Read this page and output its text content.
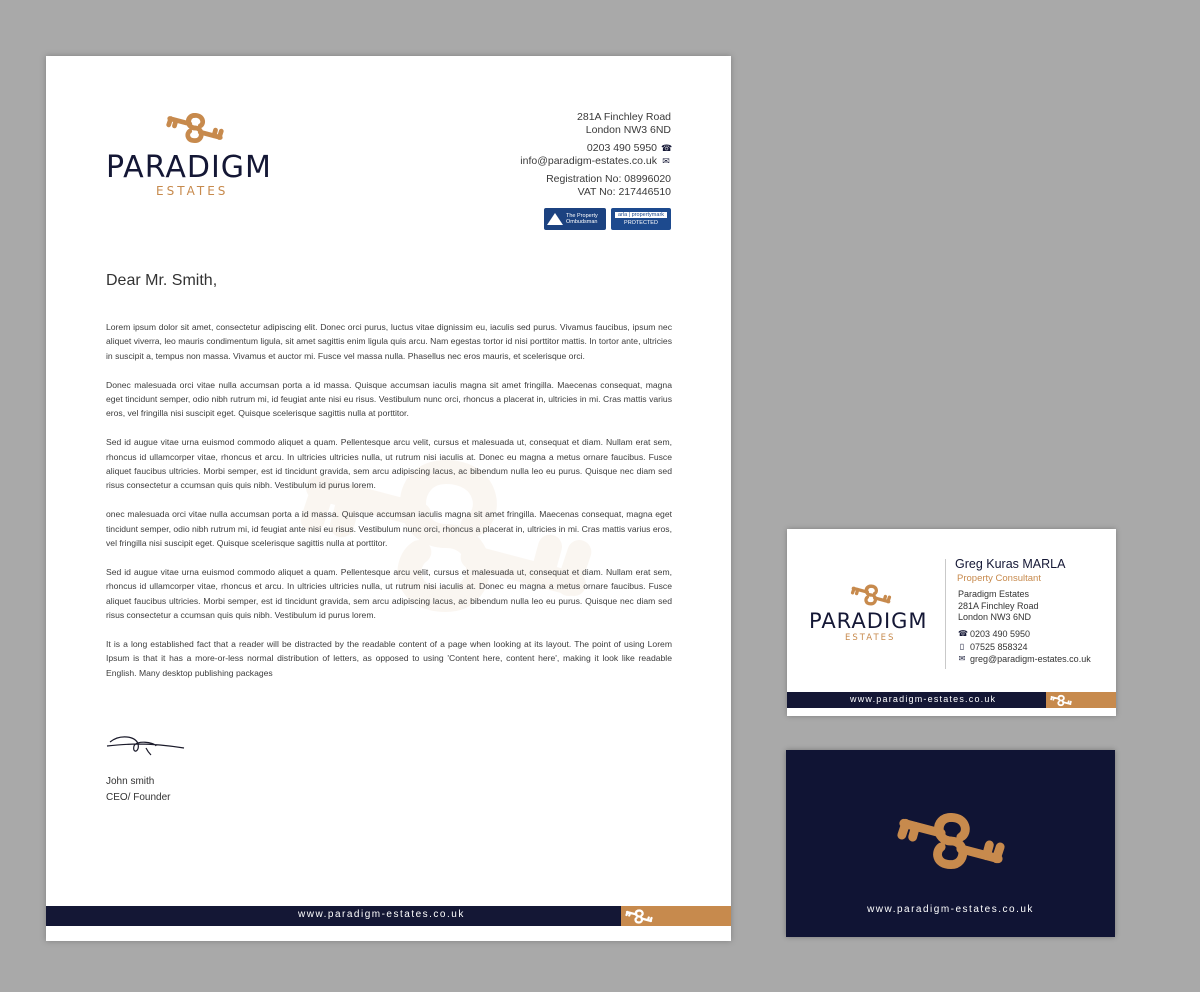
PARADIGM
ESTATES
281A Finchley Road
London NW3 6ND
0203 490 5950 ☎
info@paradigm-estates.co.uk ✉
Registration No: 08996020
VAT No: 217446510
The Property Ombudsman
arla | propertymark
PROTECTED
Dear Mr. Smith,

Lorem ipsum dolor sit amet, consectetur adipiscing elit. Donec orci purus, luctus vitae dignissim eu, iaculis sed purus. Vivamus faucibus, ipsum nec aliquet viverra, leo mauris condimentum ligula, sit amet sagittis enim ligula quis arcu. Nam egestas tortor id nisi porttitor mattis. In tortor ante, ultricies in suscipit a, tempus non massa. Vivamus et auctor mi. Fusce vel massa nulla. Phasellus nec eros mauris, et scelerisque orci.

Donec malesuada orci vitae nulla accumsan porta a id massa. Quisque accumsan iaculis magna sit amet fringilla. Maecenas consequat, magna eget tincidunt semper, odio nibh rutrum mi, id feugiat ante nisi eu risus. Vestibulum nunc orci, rhoncus a placerat in, ultricies in mi. Cras mattis varius eros, vel fringilla nisi suscipit eget. Quisque scelerisque sagittis nulla at porttitor.

Sed id augue vitae urna euismod commodo aliquet a quam. Pellentesque arcu velit, cursus et malesuada ut, consequat et diam. Nullam erat sem, rhoncus id ullamcorper vitae, rhoncus et arcu. In ultricies ultricies nulla, ut rutrum nisi iaculis at. Donec eu magna a metus ornare faucibus. Fusce aliquet faucibus ultricies. Morbi semper, est id tincidunt gravida, sem arcu adipiscing lacus, ac bibendum nulla leo eu purus. Quisque nec diam sed risus consectetur a ccumsan quis quis nibh. Vestibulum id purus lorem.

onec malesuada orci vitae nulla accumsan porta a id massa. Quisque accumsan iaculis magna sit amet fringilla. Maecenas consequat, magna eget tincidunt semper, odio nibh rutrum mi, id feugiat ante nisi eu risus. Vestibulum nunc orci, rhoncus a placerat in, ultricies in mi. Cras mattis varius eros, vel fringilla nisi suscipit eget. Quisque scelerisque sagittis nulla at porttitor.

Sed id augue vitae urna euismod commodo aliquet a quam. Pellentesque arcu velit, cursus et malesuada ut, consequat et diam. Nullam erat sem, rhoncus id ullamcorper vitae, rhoncus et arcu. In ultricies ultricies nulla, ut rutrum nisi iaculis at. Donec eu magna a metus ornare faucibus. Fusce aliquet faucibus ultricies. Morbi semper, est id tincidunt gravida, sem arcu adipiscing lacus, ac bibendum nulla leo eu purus. Quisque nec diam sed risus consectetur a ccumsan quis quis nibh. Vestibulum id purus lorem.

It is a long established fact that a reader will be distracted by the readable content of a page when looking at its layout. The point of using Lorem Ipsum is that it has a more-or-less normal distribution of letters, as opposed to using 'Content here, content here', making it look like readable English. Many desktop publishing packages

John smith
CEO/ Founder
www.paradigm-estates.co.uk
PARADIGM
ESTATES
Greg Kuras MARLA
Property Consultant
Paradigm Estates
281A Finchley Road
London NW3 6ND
☎ 0203 490 5950
▯ 07525 858324
✉ greg@paradigm-estates.co.uk
www.paradigm-estates.co.uk
www.paradigm-estates.co.uk
